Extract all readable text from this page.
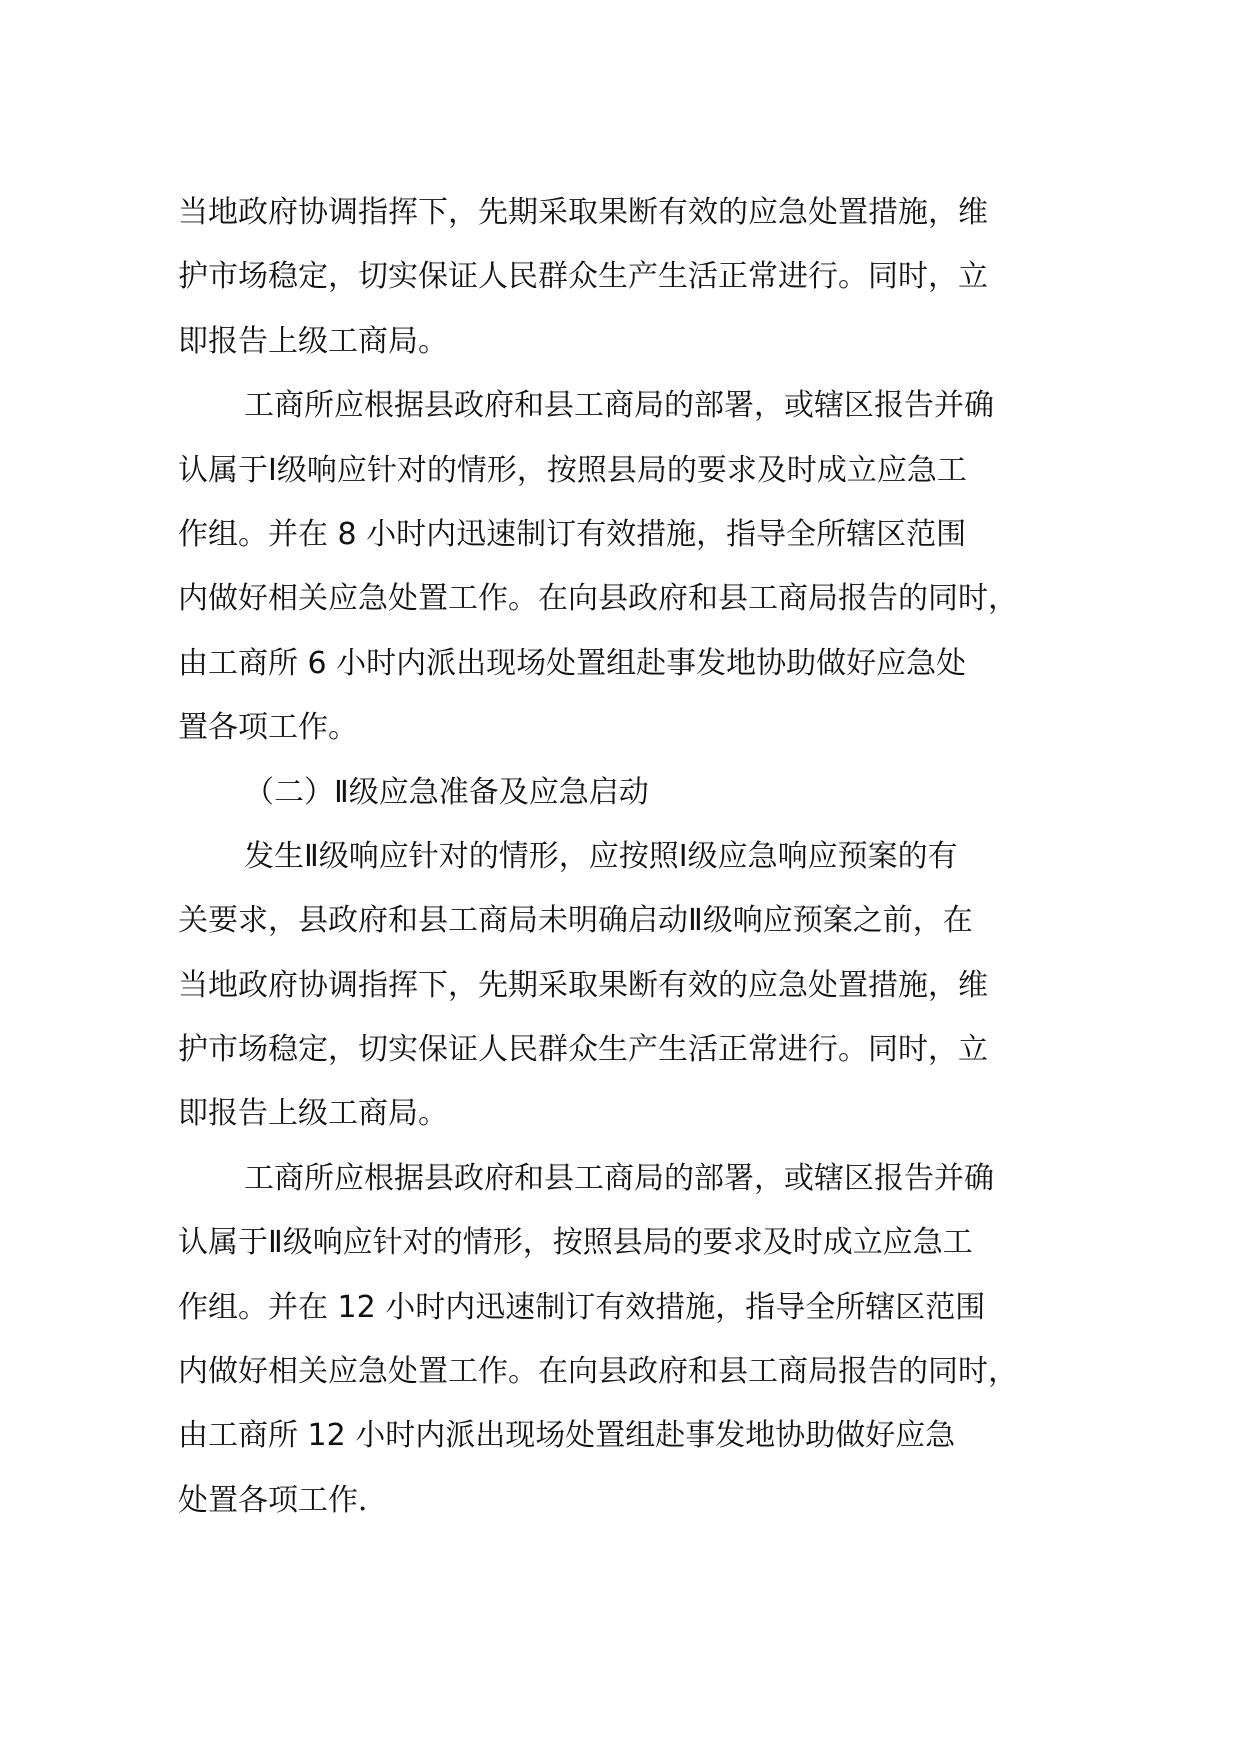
当地政府协调指挥下，先期采取果断有效的应急处置措施，维
护市场稳定，切实保证人民群众生产生活正常进行。同时，立
即报告上级工商局。
工商所应根据县政府和县工商局的部署，或辖区报告并确
认属于Ⅰ级响应针对的情形，按照县局的要求及时成立应急工
作组。并在 8 小时内迅速制订有效措施，指导全所辖区范围
内做好相关应急处置工作。在向县政府和县工商局报告的同时，
由工商所 6 小时内派出现场处置组赴事发地协助做好应急处
置各项工作。
（二）Ⅱ级应急准备及应急启动
发生Ⅱ级响应针对的情形，应按照Ⅰ级应急响应预案的有
关要求，县政府和县工商局未明确启动Ⅱ级响应预案之前，在
当地政府协调指挥下，先期采取果断有效的应急处置措施，维
护市场稳定，切实保证人民群众生产生活正常进行。同时，立
即报告上级工商局。
工商所应根据县政府和县工商局的部署，或辖区报告并确
认属于Ⅱ级响应针对的情形，按照县局的要求及时成立应急工
作组。并在 12 小时内迅速制订有效措施，指导全所辖区范围
内做好相关应急处置工作。在向县政府和县工商局报告的同时，
由工商所 12 小时内派出现场处置组赴事发地协助做好应急
处置各项工作．
